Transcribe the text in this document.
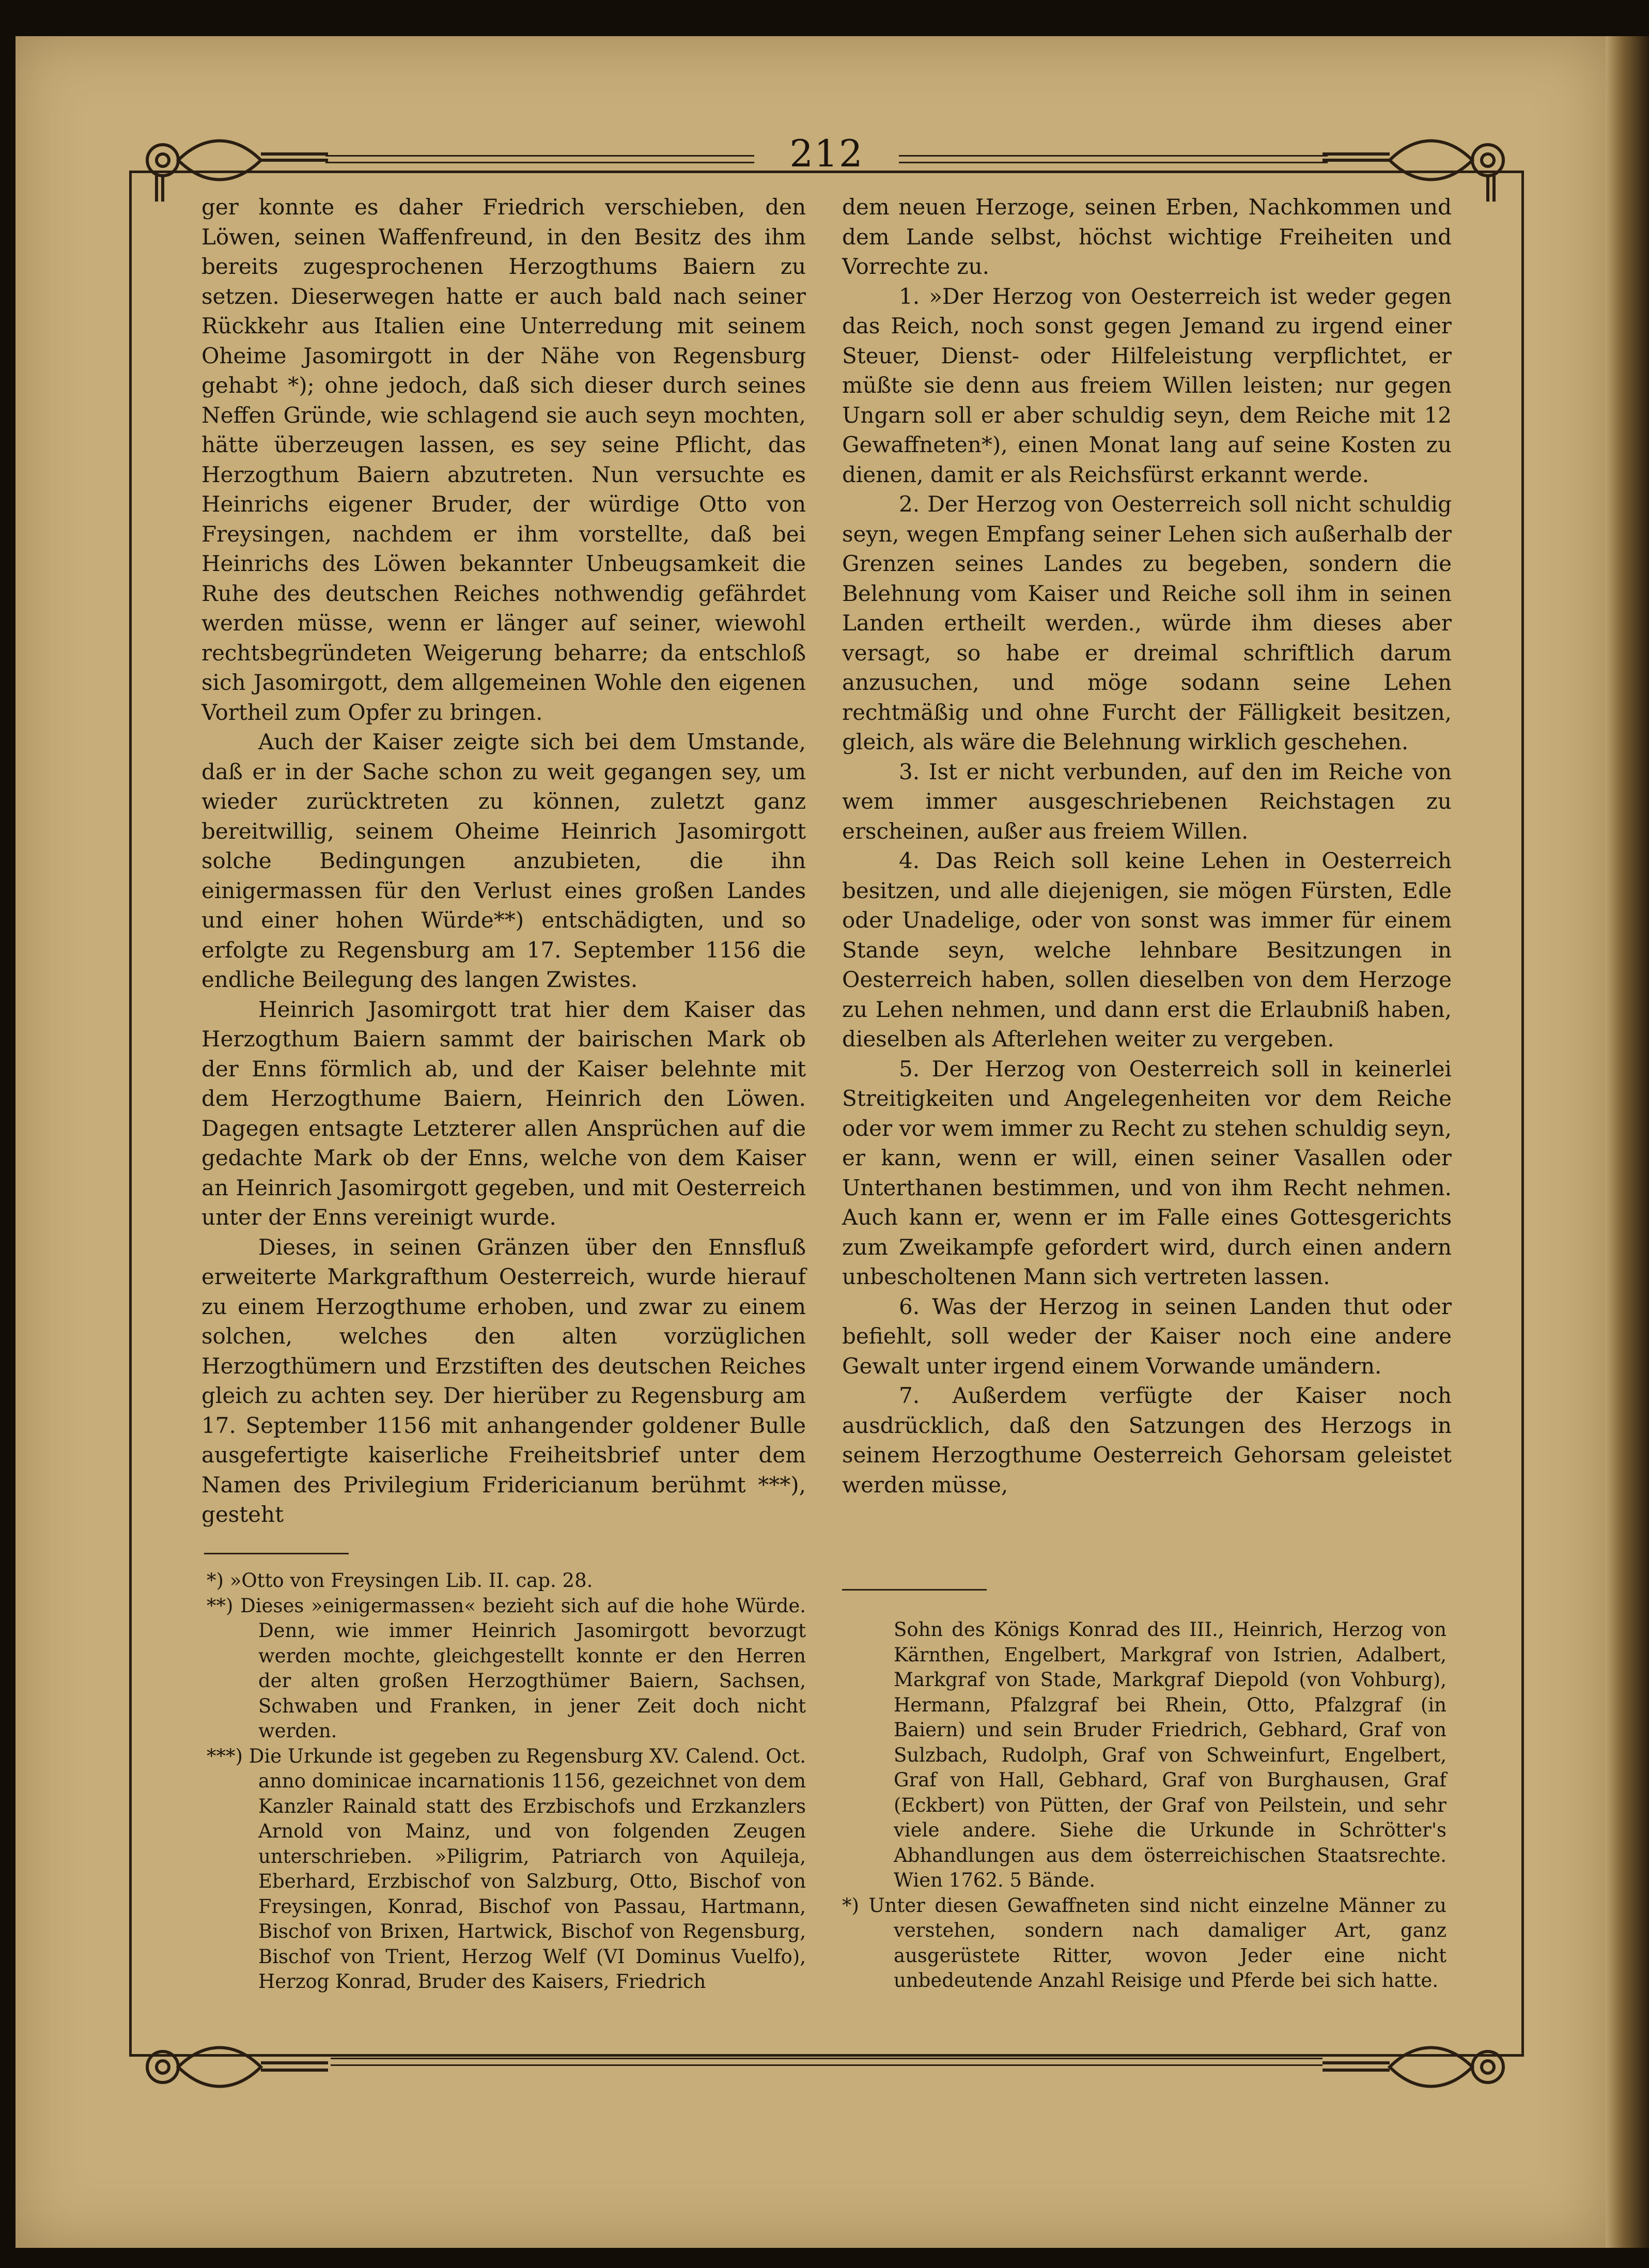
212

ger konnte es daher Friedrich verschieben, den Löwen, seinen Waffenfreund, in den Besitz des ihm bereits zugesprochenen Herzogthums Baiern zu setzen. Dieserwegen hatte er auch bald nach seiner Rückkehr aus Italien eine Unterredung mit seinem Oheime Jasomirgott in der Nähe von Regensburg gehabt *); ohne jedoch, daß sich dieser durch seines Neffen Gründe, wie schlagend sie auch seyn mochten, hätte überzeugen lassen, es sey seine Pflicht, das Herzogthum Baiern abzutreten. Nun versuchte es Heinrichs eigener Bruder, der würdige Otto von Freysingen, nachdem er ihm vorstellte, daß bei Heinrichs des Löwen bekannter Unbeugsamkeit die Ruhe des deutschen Reiches nothwendig gefährdet werden müsse, wenn er länger auf seiner, wiewohl rechtsbegründeten Weigerung beharre; da entschloß sich Jasomirgott, dem allgemeinen Wohle den eigenen Vortheil zum Opfer zu bringen.

Auch der Kaiser zeigte sich bei dem Umstande, daß er in der Sache schon zu weit gegangen sey, um wieder zurücktreten zu können, zuletzt ganz bereitwillig, seinem Oheime Heinrich Jasomirgott solche Bedingungen anzubieten, die ihn einigermassen für den Verlust eines großen Landes und einer hohen Würde**) entschädigten, und so erfolgte zu Regensburg am 17. September 1156 die endliche Beilegung des langen Zwistes.

Heinrich Jasomirgott trat hier dem Kaiser das Herzogthum Baiern sammt der bairischen Mark ob der Enns förmlich ab, und der Kaiser belehnte mit dem Herzogthume Baiern, Heinrich den Löwen. Dagegen entsagte Letzterer allen Ansprüchen auf die gedachte Mark ob der Enns, welche von dem Kaiser an Heinrich Jasomirgott gegeben, und mit Oesterreich unter der Enns vereinigt wurde.

Dieses, in seinen Gränzen über den Ennsfluß erweiterte Markgrafthum Oesterreich, wurde hierauf zu einem Herzogthume erhoben, und zwar zu einem solchen, welches den alten vorzüglichen Herzogthümern und Erzstiften des deutschen Reiches gleich zu achten sey. Der hierüber zu Regensburg am 17. September 1156 mit anhangender goldener Bulle ausgefertigte kaiserliche Freiheitsbrief unter dem Namen des Privilegium Fridericianum berühmt ***), gesteht

dem neuen Herzoge, seinen Erben, Nachkommen und dem Lande selbst, höchst wichtige Freiheiten und Vorrechte zu.

1. »Der Herzog von Oesterreich ist weder gegen das Reich, noch sonst gegen Jemand zu irgend einer Steuer, Dienst- oder Hilfeleistung verpflichtet, er müßte sie denn aus freiem Willen leisten; nur gegen Ungarn soll er aber schuldig seyn, dem Reiche mit 12 Gewaffneten*), einen Monat lang auf seine Kosten zu dienen, damit er als Reichsfürst erkannt werde.

2. Der Herzog von Oesterreich soll nicht schuldig seyn, wegen Empfang seiner Lehen sich außerhalb der Grenzen seines Landes zu begeben, sondern die Belehnung vom Kaiser und Reiche soll ihm in seinen Landen ertheilt werden., würde ihm dieses aber versagt, so habe er dreimal schriftlich darum anzusuchen, und möge sodann seine Lehen rechtmäßig und ohne Furcht der Fälligkeit besitzen, gleich, als wäre die Belehnung wirklich geschehen.

3. Ist er nicht verbunden, auf den im Reiche von wem immer ausgeschriebenen Reichstagen zu erscheinen, außer aus freiem Willen.

4. Das Reich soll keine Lehen in Oesterreich besitzen, und alle diejenigen, sie mögen Fürsten, Edle oder Unadelige, oder von sonst was immer für einem Stande seyn, welche lehnbare Besitzungen in Oesterreich haben, sollen dieselben von dem Herzoge zu Lehen nehmen, und dann erst die Erlaubniß haben, dieselben als Afterlehen weiter zu vergeben.

5. Der Herzog von Oesterreich soll in keinerlei Streitigkeiten und Angelegenheiten vor dem Reiche oder vor wem immer zu Recht zu stehen schuldig seyn, er kann, wenn er will, einen seiner Vasallen oder Unterthanen bestimmen, und von ihm Recht nehmen. Auch kann er, wenn er im Falle eines Gottesgerichts zum Zweikampfe gefordert wird, durch einen andern unbescholtenen Mann sich vertreten lassen.

6. Was der Herzog in seinen Landen thut oder befiehlt, soll weder der Kaiser noch eine andere Gewalt unter irgend einem Vorwande umändern.

7. Außerdem verfügte der Kaiser noch ausdrücklich, daß den Satzungen des Herzogs in seinem Herzogthume Oesterreich Gehorsam geleistet werden müsse,

*) »Otto von Freysingen Lib. II. cap. 28.

**) Dieses »einigermassen« bezieht sich auf die hohe Würde. Denn, wie immer Heinrich Jasomirgott bevorzugt werden mochte, gleichgestellt konnte er den Herren der alten großen Herzogthümer Baiern, Sachsen, Schwaben und Franken, in jener Zeit doch nicht werden.

***) Die Urkunde ist gegeben zu Regensburg XV. Calend. Oct. anno dominicae incarnationis 1156, gezeichnet von dem Kanzler Rainald statt des Erzbischofs und Erzkanzlers Arnold von Mainz, und von folgenden Zeugen unterschrieben. »Piligrim, Patriarch von Aquileja, Eberhard, Erzbischof von Salzburg, Otto, Bischof von Freysingen, Konrad, Bischof von Passau, Hartmann, Bischof von Brixen, Hartwick, Bischof von Regensburg, Bischof von Trient, Herzog Welf (VI Dominus Vuelfo), Herzog Konrad, Bruder des Kaisers, Friedrich

Sohn des Königs Konrad des III., Heinrich, Herzog von Kärnthen, Engelbert, Markgraf von Istrien, Adalbert, Markgraf von Stade, Markgraf Diepold (von Vohburg), Hermann, Pfalzgraf bei Rhein, Otto, Pfalzgraf (in Baiern) und sein Bruder Friedrich, Gebhard, Graf von Sulzbach, Rudolph, Graf von Schweinfurt, Engelbert, Graf von Hall, Gebhard, Graf von Burghausen, Graf (Eckbert) von Pütten, der Graf von Peilstein, und sehr viele andere. Siehe die Urkunde in Schrötter's Abhandlungen aus dem österreichischen Staatsrechte. Wien 1762. 5 Bände.

*) Unter diesen Gewaffneten sind nicht einzelne Männer zu verstehen, sondern nach damaliger Art, ganz ausgerüstete Ritter, wovon Jeder eine nicht unbedeutende Anzahl Reisige und Pferde bei sich hatte.
